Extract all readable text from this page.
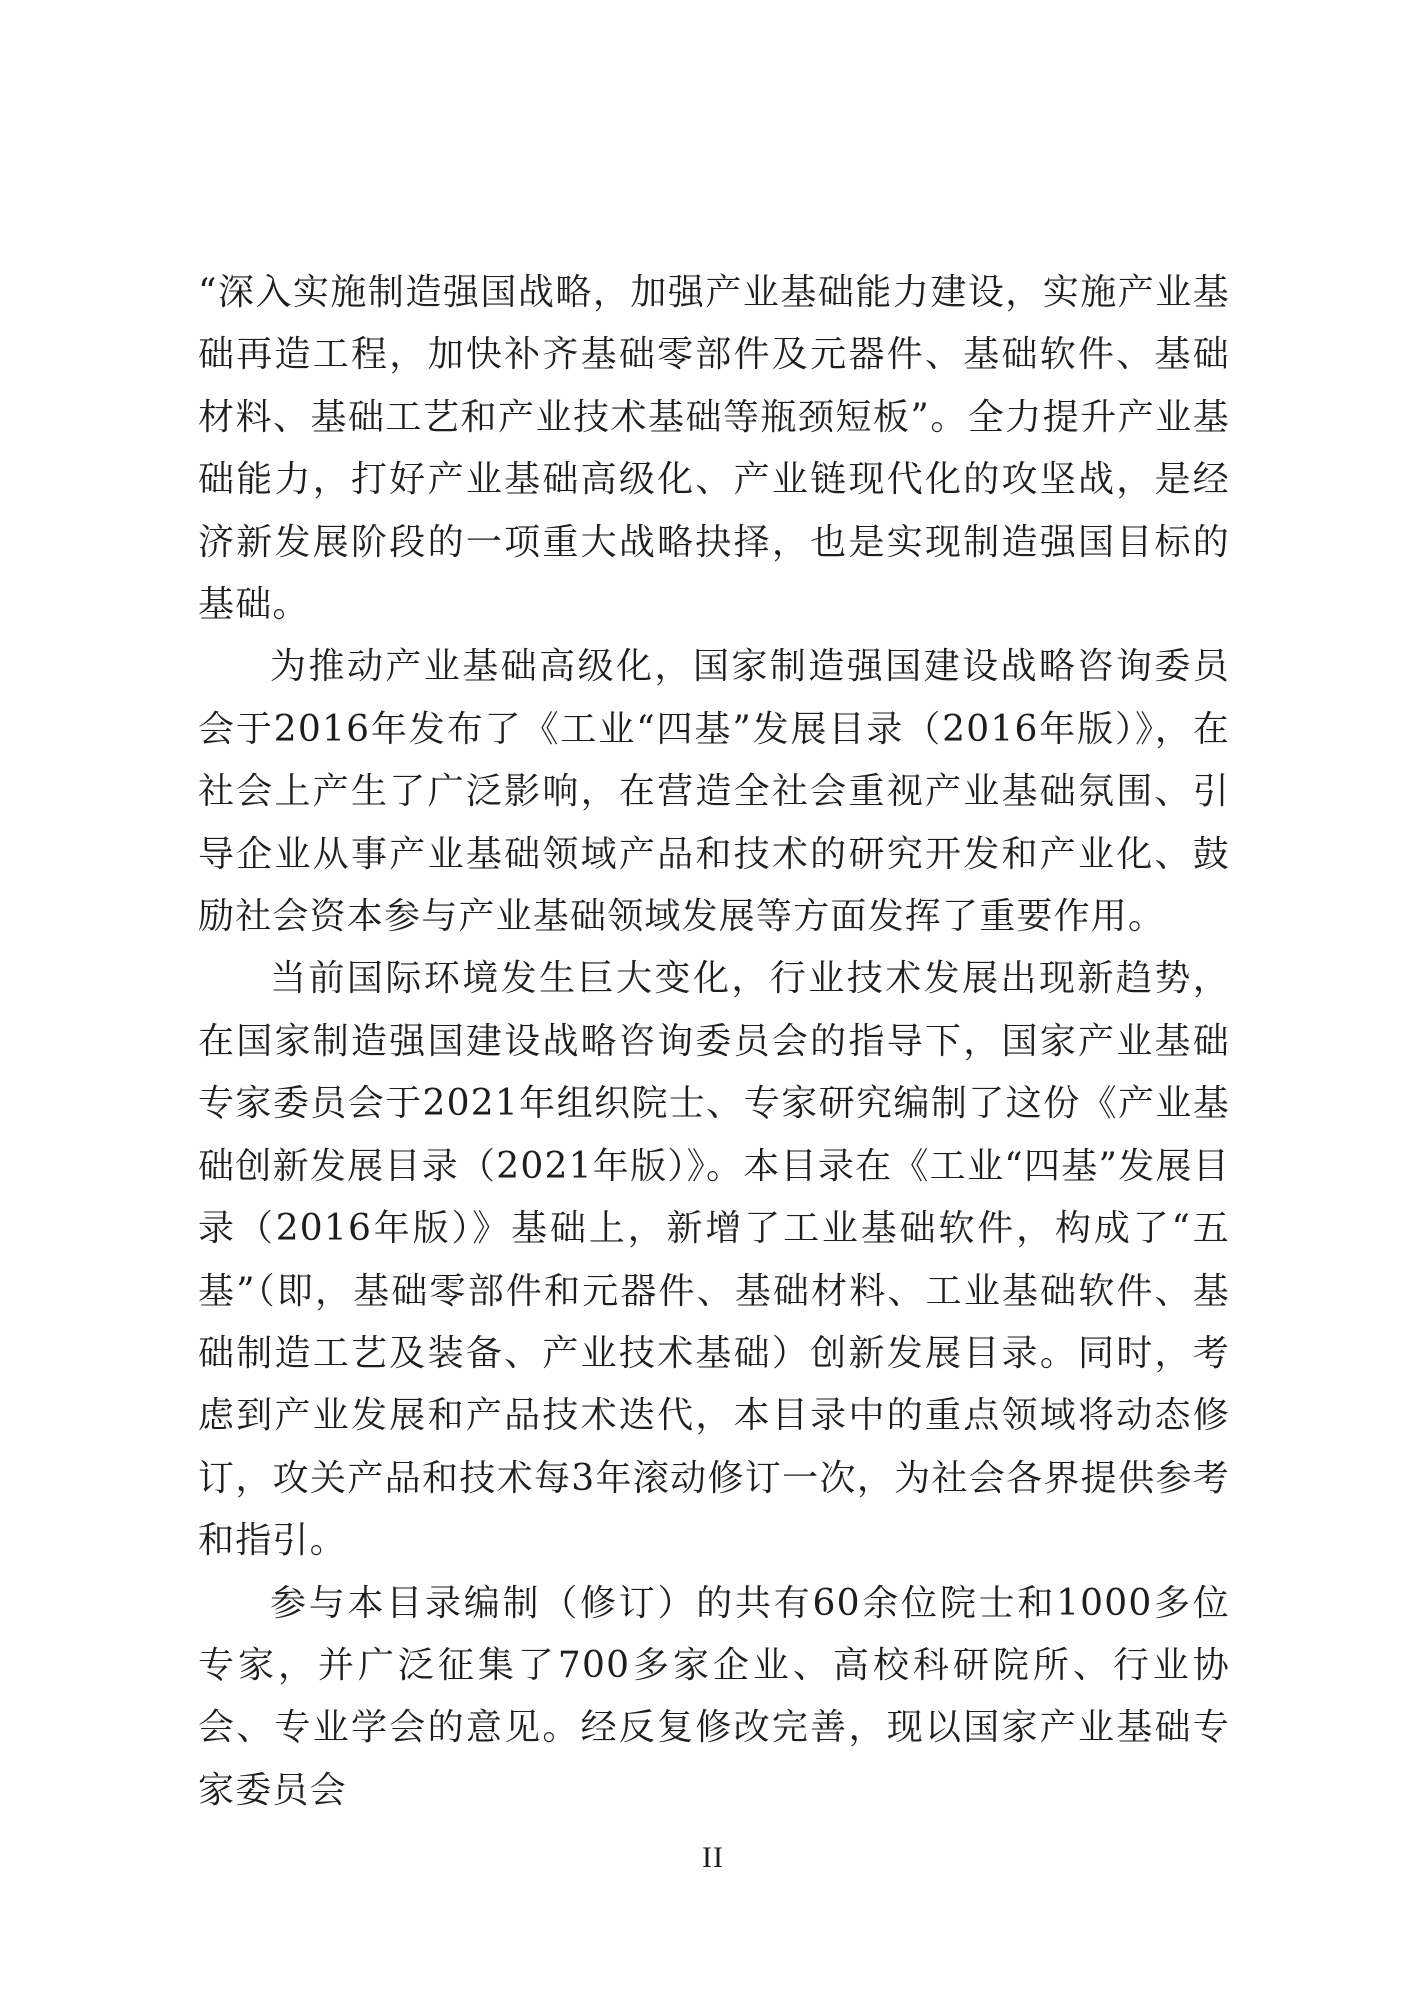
“深入实施制造强国战略，加强产业基础能力建设，实施产业基础再造工程，加快补齐基础零部件及元器件、基础软件、基础材料、基础工艺和产业技术基础等瓶颈短板”。全力提升产业基础能力，打好产业基础高级化、产业链现代化的攻坚战，是经济新发展阶段的一项重大战略抉择，也是实现制造强国目标的基础。

为推动产业基础高级化，国家制造强国建设战略咨询委员会于2016年发布了《工业“四基”发展目录（2016年版）》，在社会上产生了广泛影响，在营造全社会重视产业基础氛围、引导企业从事产业基础领域产品和技术的研究开发和产业化、鼓励社会资本参与产业基础领域发展等方面发挥了重要作用。

当前国际环境发生巨大变化，行业技术发展出现新趋势，在国家制造强国建设战略咨询委员会的指导下，国家产业基础专家委员会于2021年组织院士、专家研究编制了这份《产业基础创新发展目录（2021年版）》。本目录在《工业“四基”发展目录（2016年版）》基础上，新增了工业基础软件，构成了“五基”（即，基础零部件和元器件、基础材料、工业基础软件、基础制造工艺及装备、产业技术基础）创新发展目录。同时，考虑到产业发展和产品技术迭代，本目录中的重点领域将动态修订，攻关产品和技术每3年滚动修订一次，为社会各界提供参考和指引。

参与本目录编制（修订）的共有60余位院士和1000多位专家，并广泛征集了700多家企业、高校科研院所、行业协会、专业学会的意见。经反复修改完善，现以国家产业基础专家委员会

II
